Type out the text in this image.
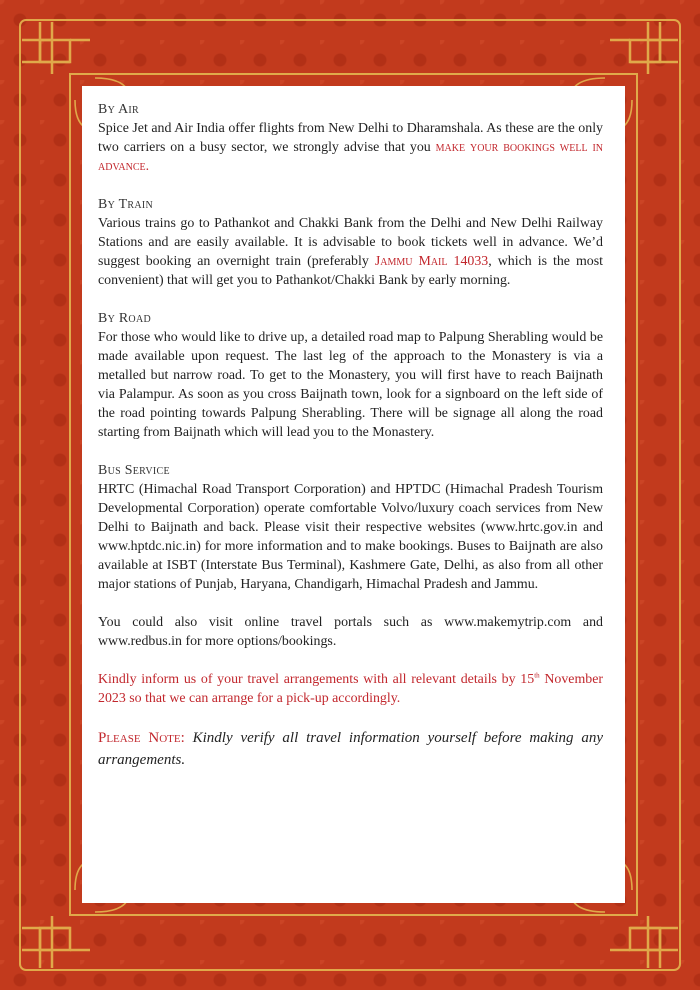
By Air

Spice Jet and Air India offer flights from New Delhi to Dharamshala. As these are the only two carriers on a busy sector, we strongly advise that you make your bookings well in advance.

By Train

Various trains go to Pathankot and Chakki Bank from the Delhi and New Delhi Railway Stations and are easily available. It is advisable to book tickets well in advance. We’d suggest booking an overnight train (preferably Jammu Mail 14033, which is the most convenient) that will get you to Pathankot/Chakki Bank by early morning.

By Road

For those who would like to drive up, a detailed road map to Palpung Sherabling would be made available upon request. The last leg of the approach to the Monastery is via a metalled but narrow road. To get to the Monastery, you will first have to reach Baijnath via Palampur. As soon as you cross Baijnath town, look for a signboard on the left side of the road pointing towards Palpung Sherabling. There will be signage all along the road starting from Baijnath which will lead you to the Monastery.

Bus Service

HRTC (Himachal Road Transport Corporation) and HPTDC (Himachal Pradesh Tourism Developmental Corporation) operate comfortable Volvo/luxury coach services from New Delhi to Baijnath and back. Please visit their respective websites (www.hrtc.gov.in and www.hptdc.nic.in) for more information and to make bookings. Buses to Baijnath are also available at ISBT (Interstate Bus Terminal), Kashmere Gate, Delhi, as also from all other major stations of Punjab, Haryana, Chandigarh, Himachal Pradesh and Jammu.

You could also visit online travel portals such as www.makemytrip.com and www.redbus.in for more options/bookings.

Kindly inform us of your travel arrangements with all relevant details by 15th November 2023 so that we can arrange for a pick-up accordingly.

Please Note: Kindly verify all travel information yourself before making any arrangements.
